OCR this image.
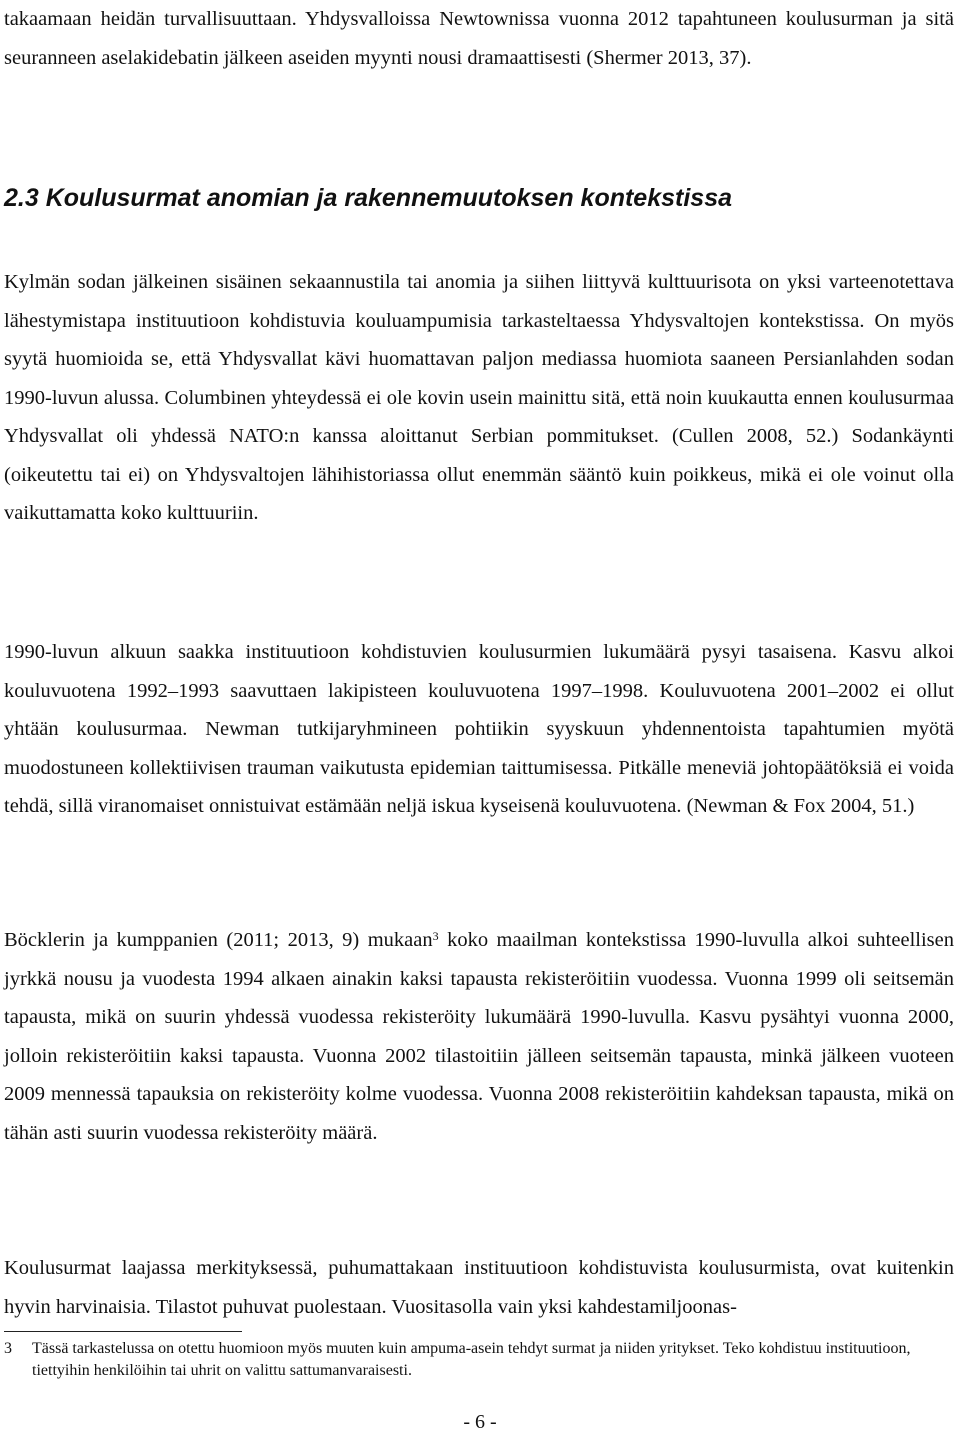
takaamaan heidän turvallisuuttaan. Yhdysvalloissa Newtownissa vuonna 2012 tapahtuneen koulusurman ja sitä seuranneen aselakidebatin jälkeen aseiden myynti nousi dramaattisesti (Shermer 2013, 37).

2.3 Koulusurmat anomian ja rakennemuutoksen kontekstissa

Kylmän sodan jälkeinen sisäinen sekaannustila tai anomia ja siihen liittyvä kulttuurisota on yksi varteenotettava lähestymistapa instituutioon kohdistuvia kouluampumisia tarkasteltaessa Yhdysvaltojen kontekstissa. On myös syytä huomioida se, että Yhdysvallat kävi huomattavan paljon mediassa huomiota saaneen Persianlahden sodan 1990-luvun alussa. Columbinen yhteydessä ei ole kovin usein mainittu sitä, että noin kuukautta ennen koulusurmaa Yhdysvallat oli yhdessä NATO:n kanssa aloittanut Serbian pommitukset. (Cullen 2008, 52.) Sodankäynti (oikeutettu tai ei) on Yhdysvaltojen lähihistoriassa ollut enemmän sääntö kuin poikkeus, mikä ei ole voinut olla vaikuttamatta koko kulttuuriin.

1990-luvun alkuun saakka instituutioon kohdistuvien koulusurmien lukumäärä pysyi tasaisena. Kasvu alkoi kouluvuotena 1992–1993 saavuttaen lakipisteen kouluvuotena 1997–1998. Kouluvuotena 2001–2002 ei ollut yhtään koulusurmaa. Newman tutkijaryhmineen pohtiikin syyskuun yhdennentoista tapahtumien myötä muodostuneen kollektiivisen trauman vaikutusta epidemian taittumisessa. Pitkälle meneviä johtopäätöksiä ei voida tehdä, sillä viranomaiset onnistuivat estämään neljä iskua kyseisenä kouluvuotena. (Newman & Fox 2004, 51.)

Böcklerin ja kumppanien (2011; 2013, 9) mukaan$^3$ koko maailman kontekstissa 1990-luvulla alkoi suhteellisen jyrkkä nousu ja vuodesta 1994 alkaen ainakin kaksi tapausta rekisteröitiin vuodessa. Vuonna 1999 oli seitsemän tapausta, mikä on suurin yhdessä vuodessa rekisteröity lukumäärä 1990-luvulla. Kasvu pysähtyi vuonna 2000, jolloin rekisteröitiin kaksi tapausta. Vuonna 2002 tilastoitiin jälleen seitsemän tapausta, minkä jälkeen vuoteen 2009 mennessä tapauksia on rekisteröity kolme vuodessa. Vuonna 2008 rekisteröitiin kahdeksan tapausta, mikä on tähän asti suurin vuodessa rekisteröity määrä.

Koulusurmat laajassa merkityksessä, puhumattakaan instituutioon kohdistuvista koulusurmista, ovat kuitenkin hyvin harvinaisia. Tilastot puhuvat puolestaan. Vuositasolla vain yksi kahdestamiljoonas-

3 Tässä tarkastelussa on otettu huomioon myös muuten kuin ampuma-asein tehdyt surmat ja niiden yritykset. Teko kohdistuu instituutioon, tiettyihin henkilöihin tai uhrit on valittu sattumanvaraisesti.
- 6 -
